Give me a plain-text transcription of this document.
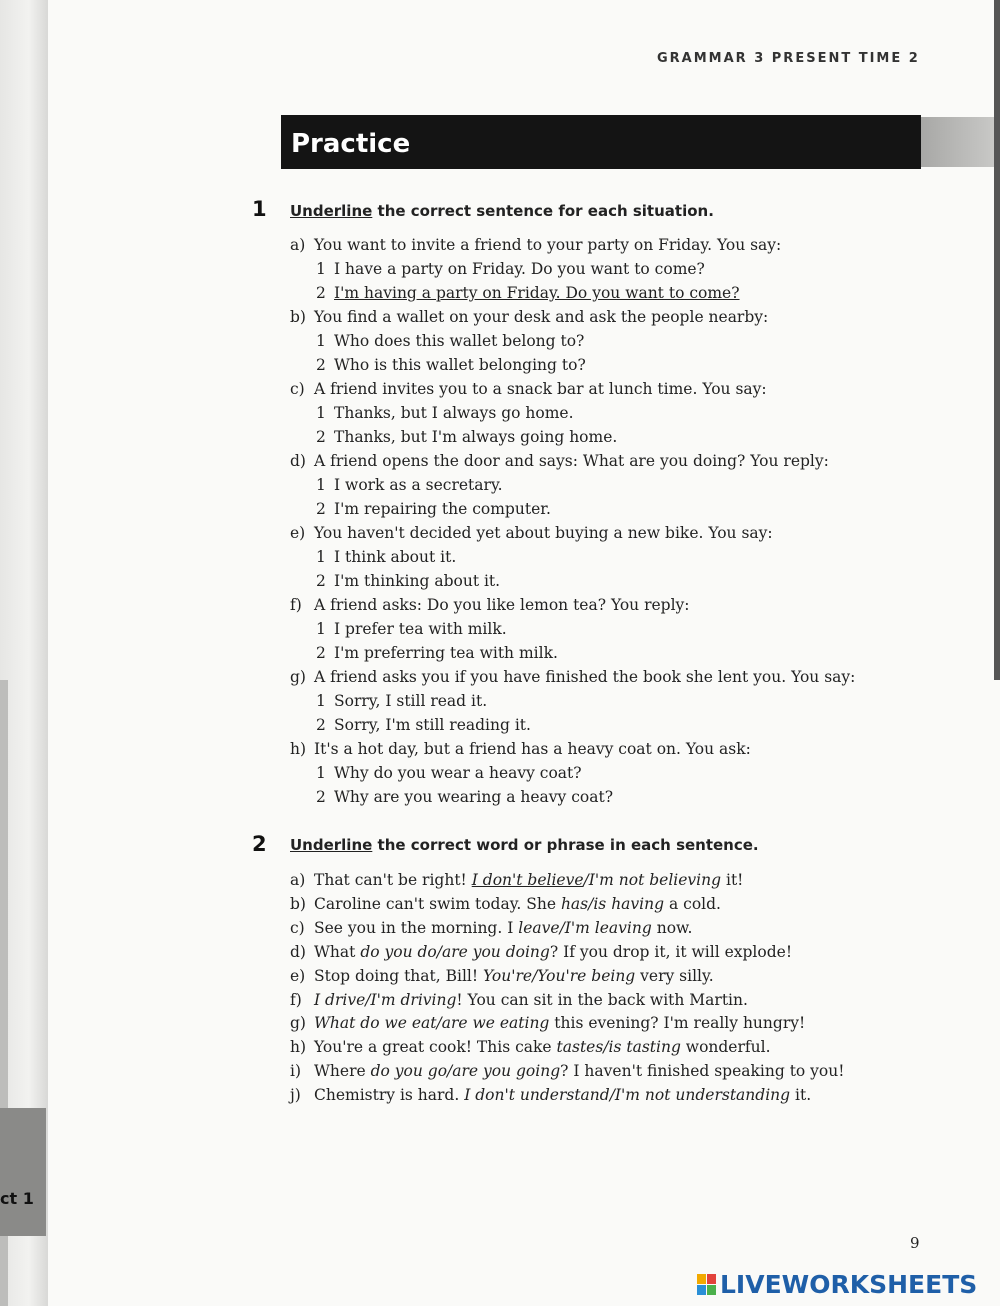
ct 1
GRAMMAR 3 PRESENT TIME 2
Practice
1 Underline the correct sentence for each situation.
a) You want to invite a friend to your party on Friday. You say:
1 I have a party on Friday. Do you want to come?
2 I'm having a party on Friday. Do you want to come?
b) You find a wallet on your desk and ask the people nearby:
1 Who does this wallet belong to?
2 Who is this wallet belonging to?
c) A friend invites you to a snack bar at lunch time. You say:
1 Thanks, but I always go home.
2 Thanks, but I'm always going home.
d) A friend opens the door and says: What are you doing? You reply:
1 I work as a secretary.
2 I'm repairing the computer.
e) You haven't decided yet about buying a new bike. You say:
1 I think about it.
2 I'm thinking about it.
f) A friend asks: Do you like lemon tea? You reply:
1 I prefer tea with milk.
2 I'm preferring tea with milk.
g) A friend asks you if you have finished the book she lent you. You say:
1 Sorry, I still read it.
2 Sorry, I'm still reading it.
h) It's a hot day, but a friend has a heavy coat on. You ask:
1 Why do you wear a heavy coat?
2 Why are you wearing a heavy coat?
2 Underline the correct word or phrase in each sentence.
a) That can't be right! I don't believe/I'm not believing it!
b) Caroline can't swim today. She has/is having a cold.
c) See you in the morning. I leave/I'm leaving now.
d) What do you do/are you doing? If you drop it, it will explode!
e) Stop doing that, Bill! You're/You're being very silly.
f) I drive/I'm driving! You can sit in the back with Martin.
g) What do we eat/are we eating this evening? I'm really hungry!
h) You're a great cook! This cake tastes/is tasting wonderful.
i) Where do you go/are you going? I haven't finished speaking to you!
j) Chemistry is hard. I don't understand/I'm not understanding it.
9
LIVEWORKSHEETS
